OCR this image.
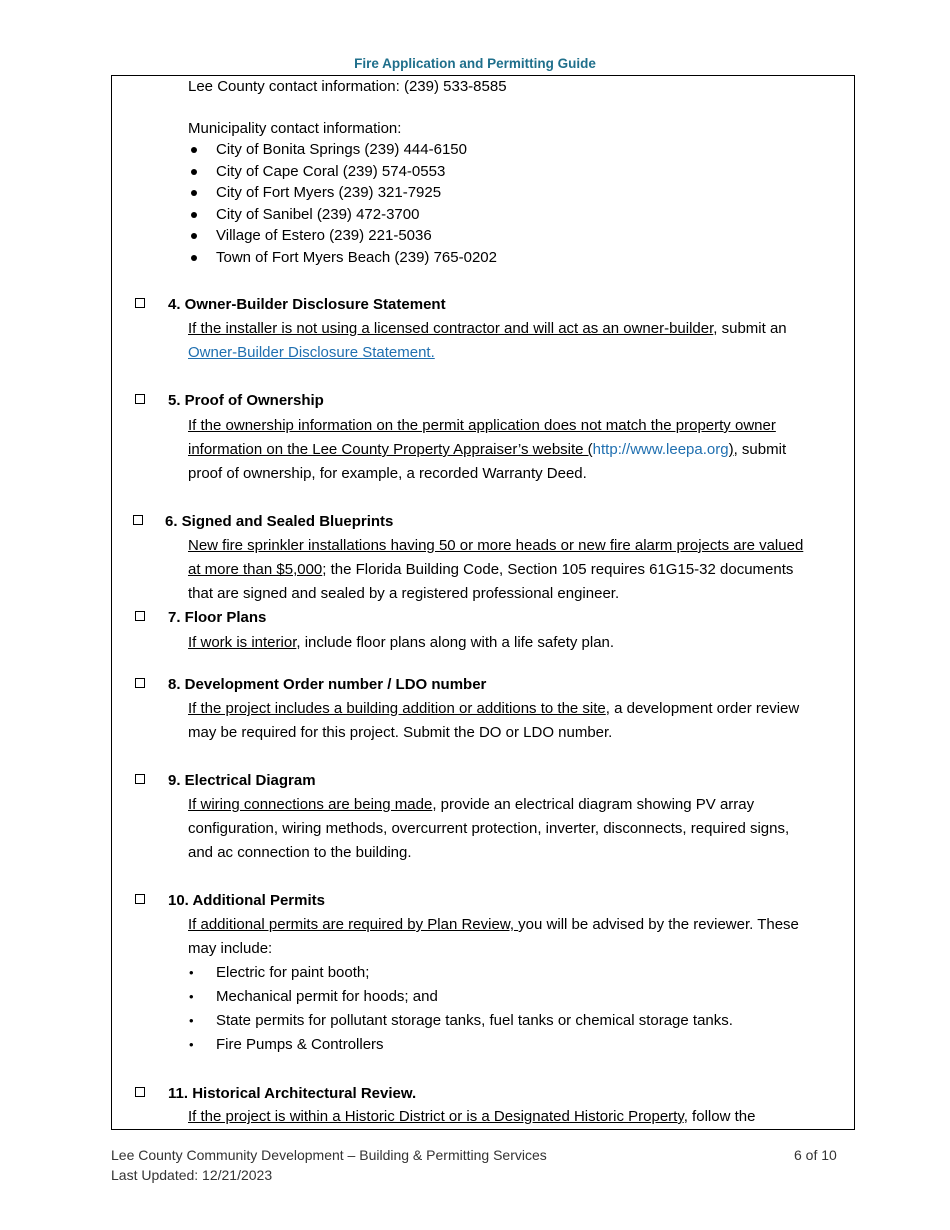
Fire Application and Permitting Guide
Lee County contact information: (239) 533-8585
Municipality contact information:
City of Bonita Springs (239) 444-6150
City of Cape Coral (239) 574-0553
City of Fort Myers (239) 321-7925
City of Sanibel (239) 472-3700
Village of Estero (239) 221-5036
Town of Fort Myers Beach (239) 765-0202
4. Owner-Builder Disclosure Statement
If the installer is not using a licensed contractor and will act as an owner-builder, submit an
Owner-Builder Disclosure Statement.
5. Proof of Ownership
If the ownership information on the permit application does not match the property owner
information on the Lee County Property Appraiser’s website (http://www.leepa.org), submit
proof of ownership, for example, a recorded Warranty Deed.
6. Signed and Sealed Blueprints
New fire sprinkler installations having 50 or more heads or new fire alarm projects are valued
at more than $5,000; the Florida Building Code, Section 105 requires 61G15-32 documents
that are signed and sealed by a registered professional engineer.
7. Floor Plans
If work is interior, include floor plans along with a life safety plan.
8. Development Order number / LDO number
If the project includes a building addition or additions to the site, a development order review
may be required for this project. Submit the DO or LDO number.
9. Electrical Diagram
If wiring connections are being made, provide an electrical diagram showing PV array
configuration, wiring methods, overcurrent protection, inverter, disconnects, required signs,
and ac connection to the building.
10. Additional Permits
If additional permits are required by Plan Review, you will be advised by the reviewer. These
may include:
• Electric for paint booth;
• Mechanical permit for hoods; and
• State permits for pollutant storage tanks, fuel tanks or chemical storage tanks.
• Fire Pumps & Controllers
11. Historical Architectural Review.
If the project is within a Historic District or is a Designated Historic Property, follow the
Lee County Community Development – Building & Permitting Services
Last Updated: 12/21/2023
6 of 10
